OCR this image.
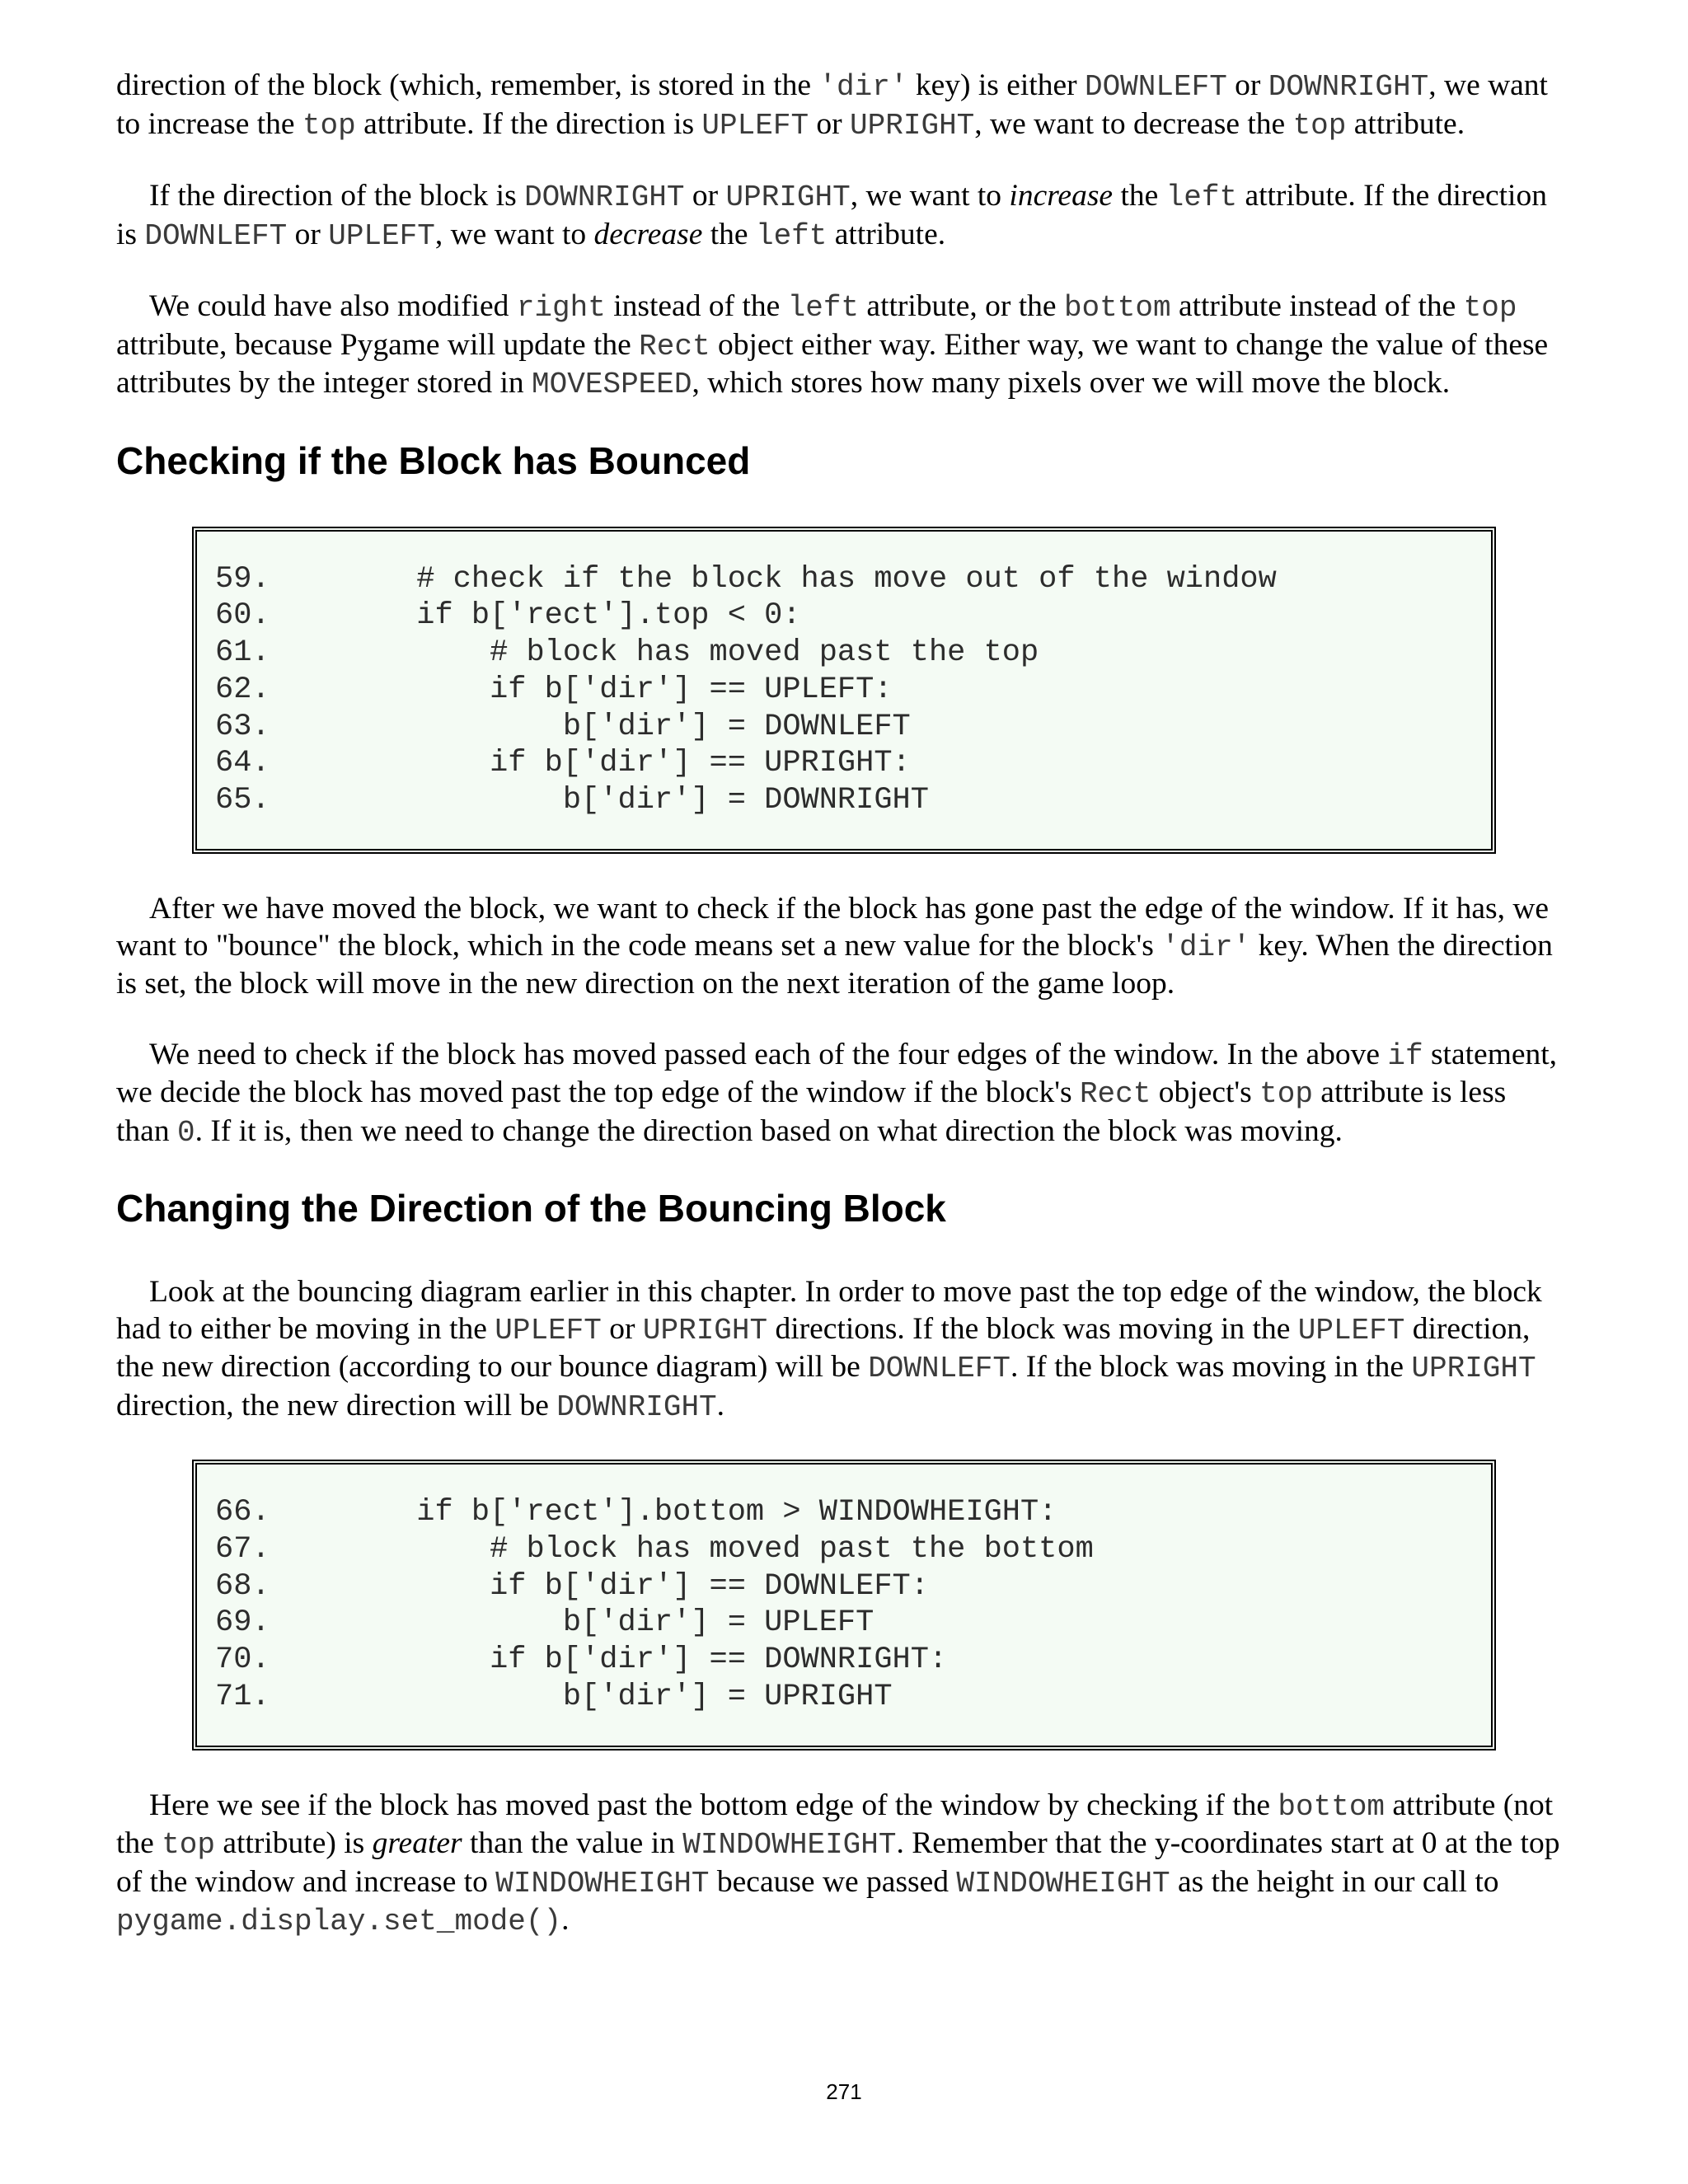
direction of the block (which, remember, is stored in the 'dir' key) is either DOWNLEFT or DOWNRIGHT, we want to increase the top attribute. If the direction is UPLEFT or UPRIGHT, we want to decrease the top attribute.

If the direction of the block is DOWNRIGHT or UPRIGHT, we want to increase the left attribute. If the direction is DOWNLEFT or UPLEFT, we want to decrease the left attribute.

We could have also modified right instead of the left attribute, or the bottom attribute instead of the top attribute, because Pygame will update the Rect object either way. Either way, we want to change the value of these attributes by the integer stored in MOVESPEED, which stores how many pixels over we will move the block.

Checking if the Block has Bounced
59.        # check if the block has move out of the window
60.        if b['rect'].top < 0:
61.            # block has moved past the top
62.            if b['dir'] == UPLEFT:
63.                b['dir'] = DOWNLEFT
64.            if b['dir'] == UPRIGHT:
65.                b['dir'] = DOWNRIGHT

After we have moved the block, we want to check if the block has gone past the edge of the window. If it has, we want to "bounce" the block, which in the code means set a new value for the block's 'dir' key. When the direction is set, the block will move in the new direction on the next iteration of the game loop.

We need to check if the block has moved passed each of the four edges of the window. In the above if statement, we decide the block has moved past the top edge of the window if the block's Rect object's top attribute is less than 0. If it is, then we need to change the direction based on what direction the block was moving.

Changing the Direction of the Bouncing Block

Look at the bouncing diagram earlier in this chapter. In order to move past the top edge of the window, the block had to either be moving in the UPLEFT or UPRIGHT directions. If the block was moving in the UPLEFT direction, the new direction (according to our bounce diagram) will be DOWNLEFT. If the block was moving in the UPRIGHT direction, the new direction will be DOWNRIGHT.

66.        if b['rect'].bottom > WINDOWHEIGHT:
67.            # block has moved past the bottom
68.            if b['dir'] == DOWNLEFT:
69.                b['dir'] = UPLEFT
70.            if b['dir'] == DOWNRIGHT:
71.                b['dir'] = UPRIGHT

Here we see if the block has moved past the bottom edge of the window by checking if the bottom attribute (not the top attribute) is greater than the value in WINDOWHEIGHT. Remember that the y-coordinates start at 0 at the top of the window and increase to WINDOWHEIGHT because we passed WINDOWHEIGHT as the height in our call to pygame.display.set_mode().

271
